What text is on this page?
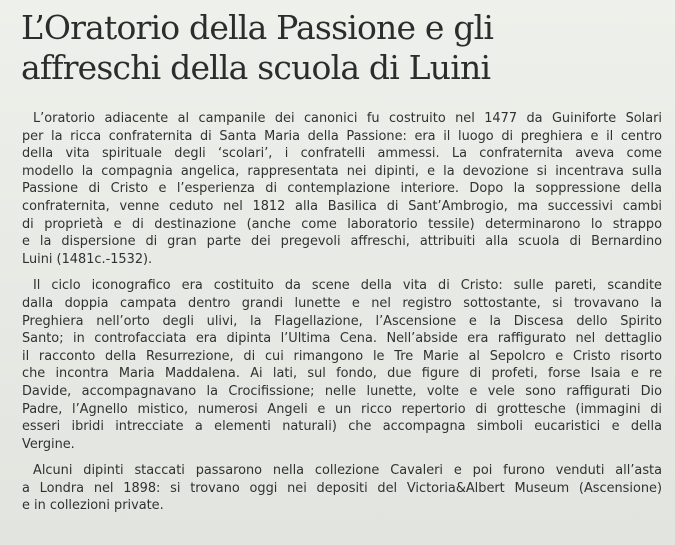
L’Oratorio della Passione e gli
affreschi della scuola di Luini
L’oratorio adiacente al campanile dei canonici fu costruito nel 1477 da Guiniforte Solari
per la ricca confraternita di Santa Maria della Passione: era il luogo di preghiera e il centro
della vita spirituale degli ‘scolari’, i confratelli ammessi. La confraternita aveva come
modello la compagnia angelica, rappresentata nei dipinti, e la devozione si incentrava sulla
Passione di Cristo e l’esperienza di contemplazione interiore. Dopo la soppressione della
confraternita, venne ceduto nel 1812 alla Basilica di Sant’Ambrogio, ma successivi cambi
di proprietà e di destinazione (anche come laboratorio tessile) determinarono lo strappo
e la dispersione di gran parte dei pregevoli affreschi, attribuiti alla scuola di Bernardino
Luini (1481c.-1532).
Il ciclo iconografico era costituito da scene della vita di Cristo: sulle pareti, scandite
dalla doppia campata dentro grandi lunette e nel registro sottostante, si trovavano la
Preghiera nell’orto degli ulivi, la Flagellazione, l’Ascensione e la Discesa dello Spirito
Santo; in controfacciata era dipinta l’Ultima Cena. Nell’abside era raffigurato nel dettaglio
il racconto della Resurrezione, di cui rimangono le Tre Marie al Sepolcro e Cristo risorto
che incontra Maria Maddalena. Ai lati, sul fondo, due figure di profeti, forse Isaia e re
Davide, accompagnavano la Crocifissione; nelle lunette, volte e vele sono raffigurati Dio
Padre, l’Agnello mistico, numerosi Angeli e un ricco repertorio di grottesche (immagini di
esseri ibridi intrecciate a elementi naturali) che accompagna simboli eucaristici e della
Vergine.
Alcuni dipinti staccati passarono nella collezione Cavaleri e poi furono venduti all’asta
a Londra nel 1898: si trovano oggi nei depositi del Victoria&Albert Museum (Ascensione)
e in collezioni private.
